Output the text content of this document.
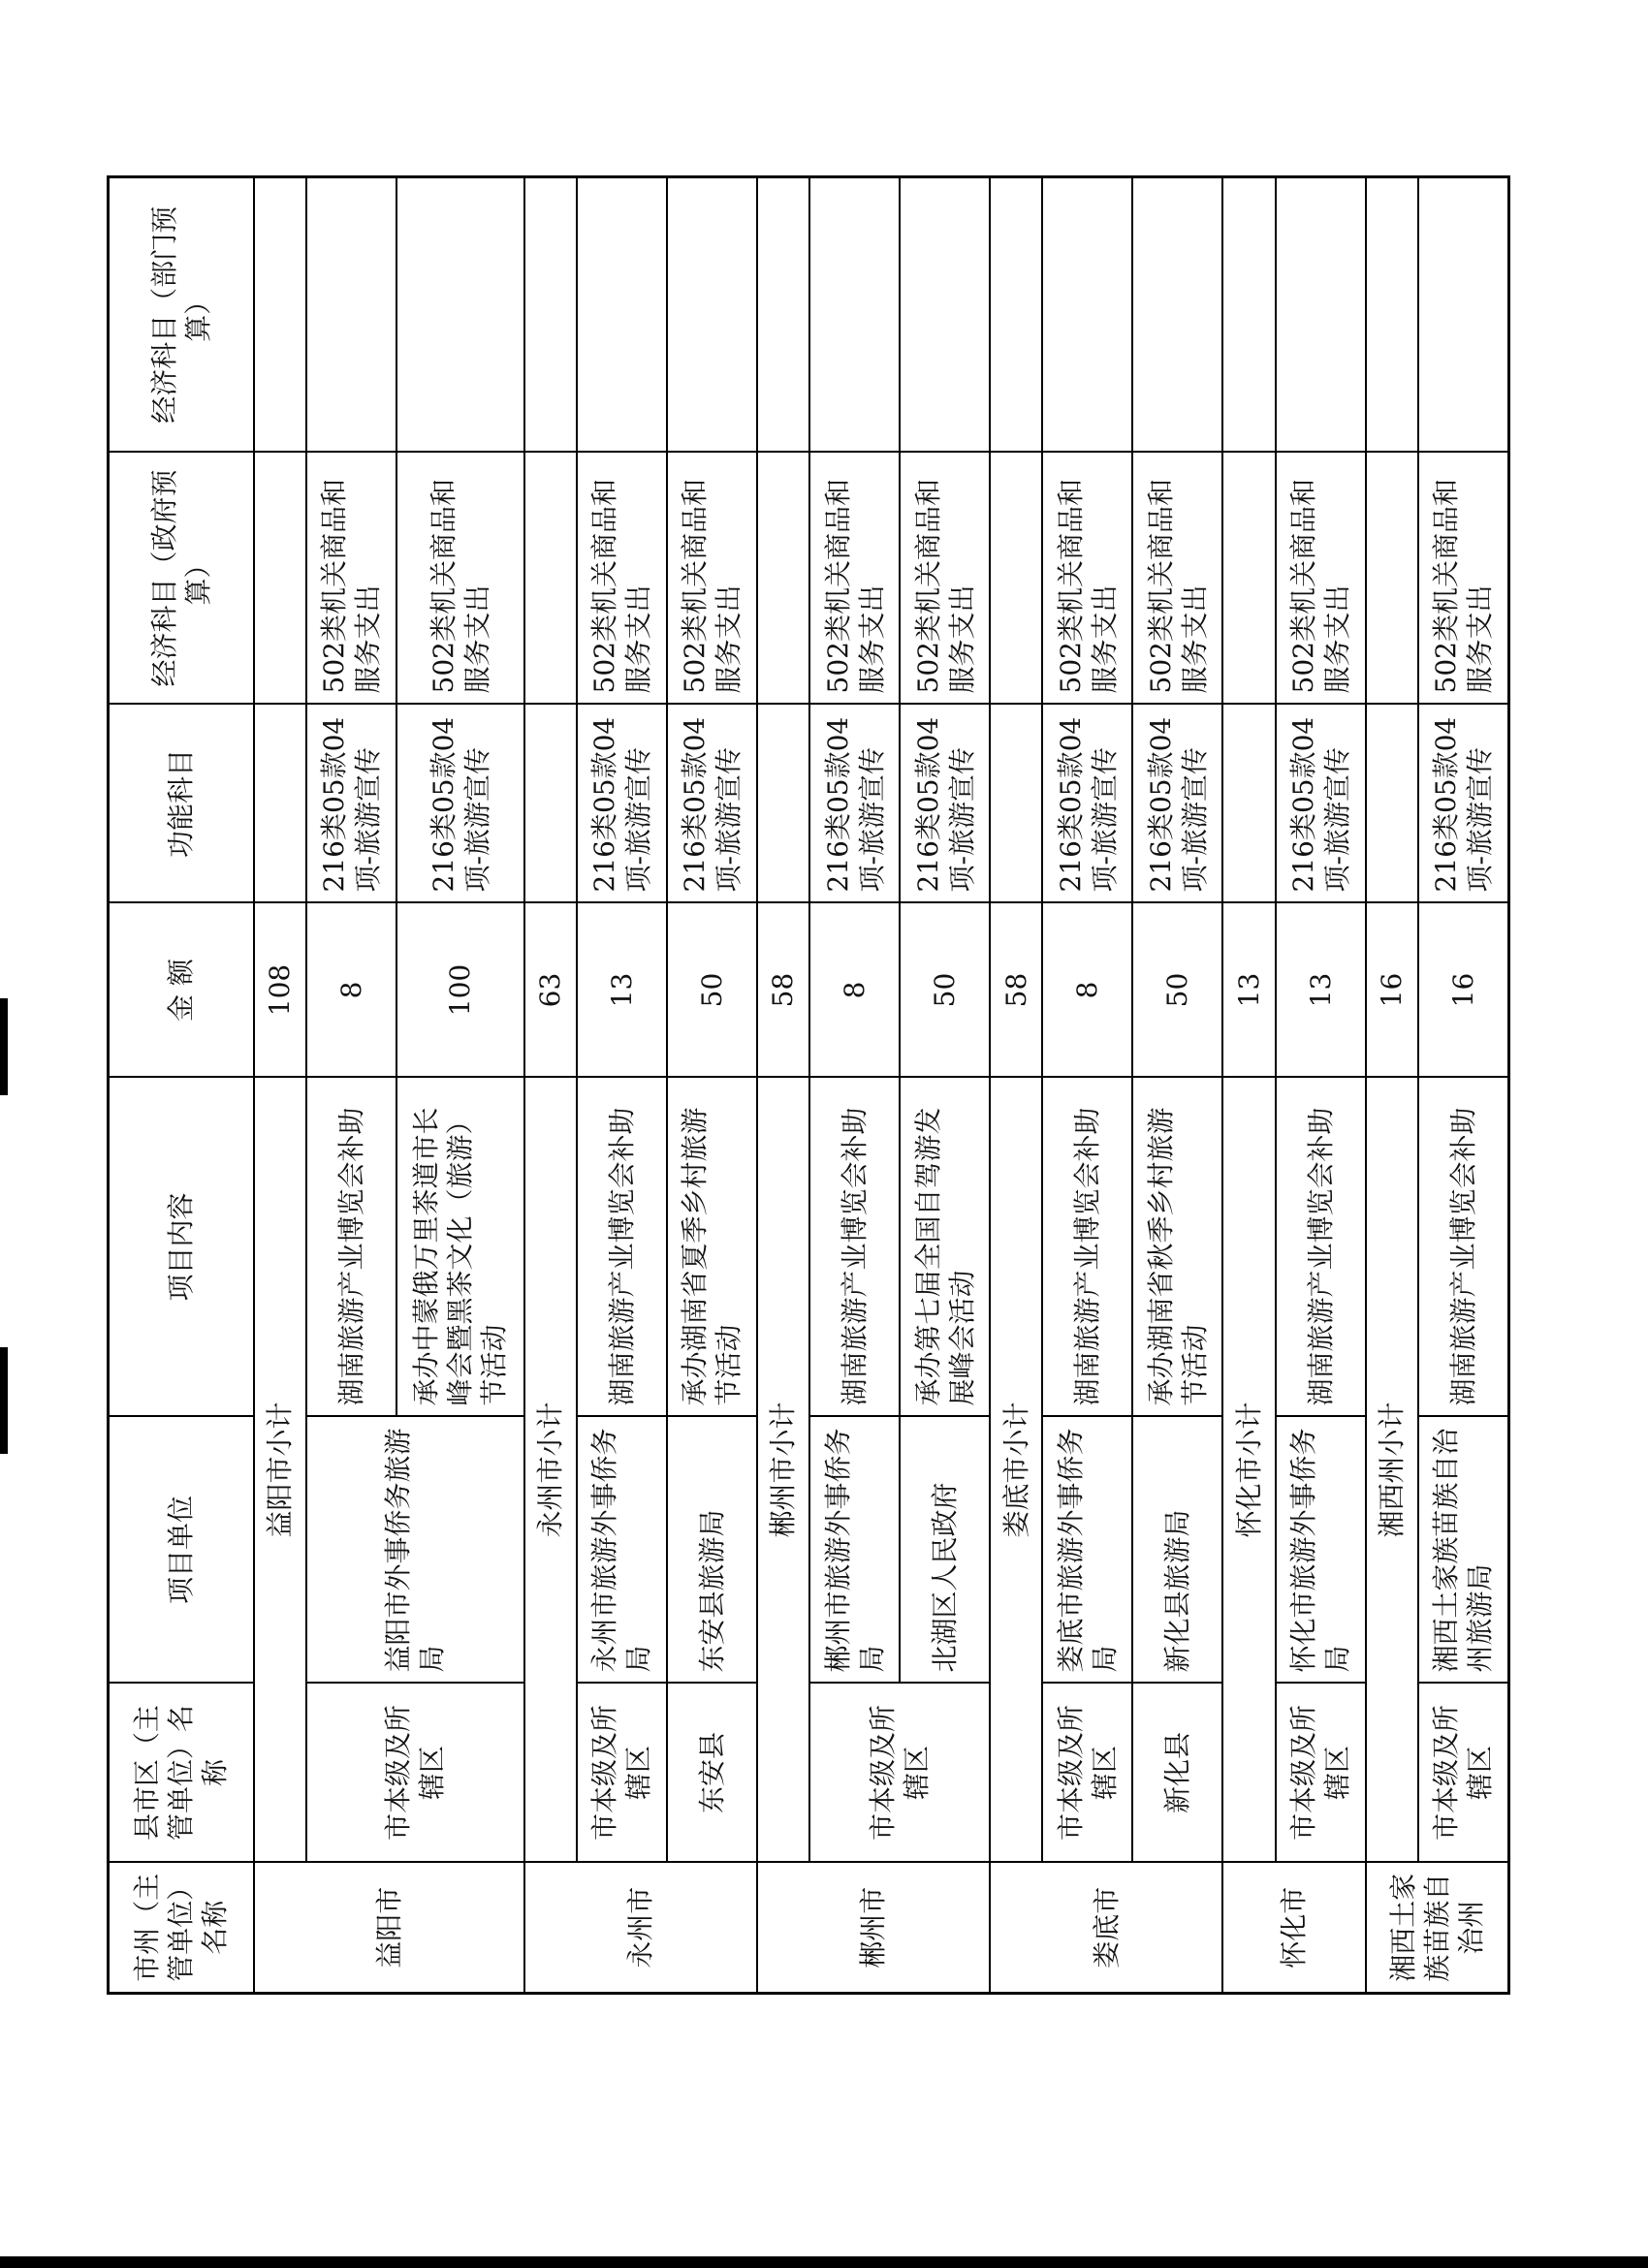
市州（主管单位）名称	县市区（主管单位）名称	项目单位	项目内容	金 额	功能科目	经济科目（政府预算）	经济科目（部门预算）
益阳市	益阳市小计			108			
	市本级及所辖区	益阳市外事侨务旅游局	湖南旅游产业博览会补助	8	216类05款04项-旅游宣传	502类机关商品和服务支出	
			承办中蒙俄万里茶道市长峰会暨黑茶文化（旅游）节活动	100	216类05款04项-旅游宣传	502类机关商品和服务支出	
永州市	永州市小计			63			
	市本级及所辖区	永州市旅游外事侨务局	湖南旅游产业博览会补助	13	216类05款04项-旅游宣传	502类机关商品和服务支出	
	东安县	东安县旅游局	承办湖南省夏季乡村旅游节活动	50	216类05款04项-旅游宣传	502类机关商品和服务支出	
郴州市	郴州市小计			58			
	市本级及所辖区	郴州市旅游外事侨务局	湖南旅游产业博览会补助	8	216类05款04项-旅游宣传	502类机关商品和服务支出	
		北湖区人民政府	承办第七届全国自驾游发展峰会活动	50	216类05款04项-旅游宣传	502类机关商品和服务支出	
娄底市	娄底市小计			58			
	市本级及所辖区	娄底市旅游外事侨务局	湖南旅游产业博览会补助	8	216类05款04项-旅游宣传	502类机关商品和服务支出	
	新化县	新化县旅游局	承办湖南省秋季乡村旅游节活动	50	216类05款04项-旅游宣传	502类机关商品和服务支出	
怀化市	怀化市小计			13			
	市本级及所辖区	怀化市旅游外事侨务局	湖南旅游产业博览会补助	13	216类05款04项-旅游宣传	502类机关商品和服务支出	
湘西土家族苗族自治州	湘西州小计			16			
	市本级及所辖区	湘西土家族苗族自治州旅游局	湖南旅游产业博览会补助	16	216类05款04项-旅游宣传	502类机关商品和服务支出	
